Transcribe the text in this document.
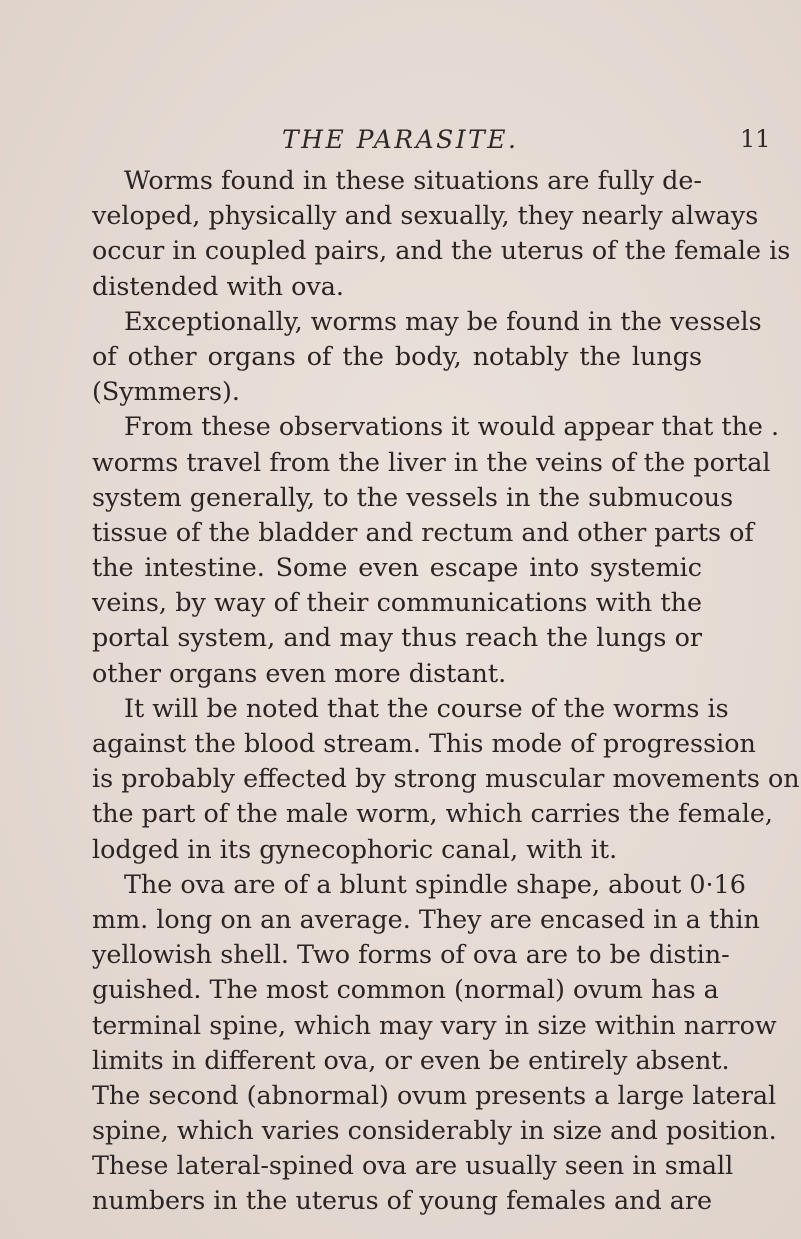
THE PARASITE.	11
Worms found in these situations are fully de-
veloped, physically and sexually, they nearly always
occur in coupled pairs, and the uterus of the female is
distended with ova.
Exceptionally, worms may be found in the vessels
of other organs of the body, notably the lungs
(Symmers).
From these observations it would appear that the .
worms travel from the liver in the veins of the portal
system generally, to the vessels in the submucous
tissue of the bladder and rectum and other parts of
the intestine. Some even escape into systemic
veins, by way of their communications with the
portal system, and may thus reach the lungs or
other organs even more distant.
It will be noted that the course of the worms is
against the blood stream. This mode of progression
is probably effected by strong muscular movements on
the part of the male worm, which carries the female,
lodged in its gynecophoric canal, with it.
The ova are of a blunt spindle shape, about 0·16
mm. long on an average. They are encased in a thin
yellowish shell. Two forms of ova are to be distin-
guished. The most common (normal) ovum has a
terminal spine, which may vary in size within narrow
limits in different ova, or even be entirely absent.
The second (abnormal) ovum presents a large lateral
spine, which varies considerably in size and position.
These lateral-spined ova are usually seen in small
numbers in the uterus of young females and are
